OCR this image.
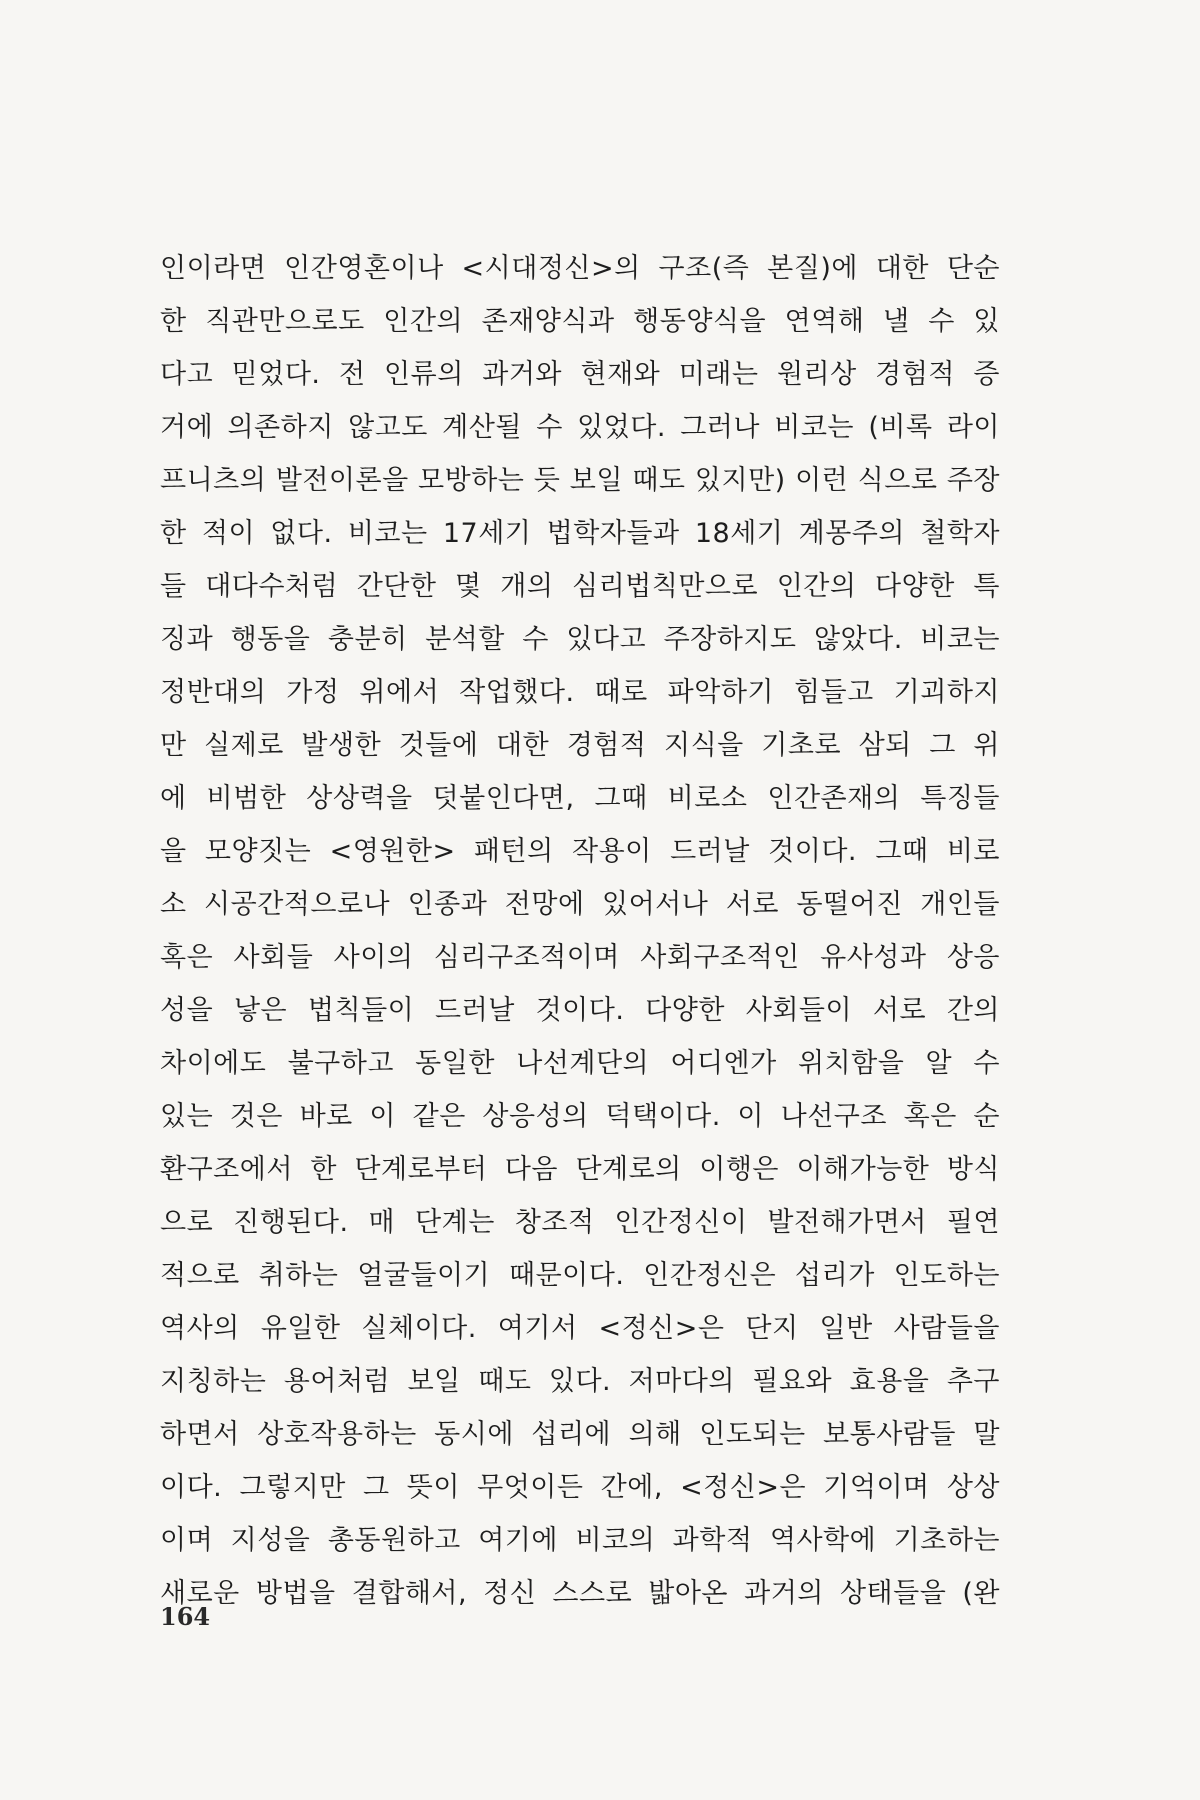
인이라면 인간영혼이나 <시대정신>의 구조(즉 본질)에 대한 단순
한 직관만으로도 인간의 존재양식과 행동양식을 연역해 낼 수 있
다고 믿었다. 전 인류의 과거와 현재와 미래는 원리상 경험적 증
거에 의존하지 않고도 계산될 수 있었다. 그러나 비코는 (비록 라이
프니츠의 발전이론을 모방하는 듯 보일 때도 있지만) 이런 식으로 주장
한 적이 없다. 비코는 17세기 법학자들과 18세기 계몽주의 철학자
들 대다수처럼 간단한 몇 개의 심리법칙만으로 인간의 다양한 특
징과 행동을 충분히 분석할 수 있다고 주장하지도 않았다. 비코는
정반대의 가정 위에서 작업했다. 때로 파악하기 힘들고 기괴하지
만 실제로 발생한 것들에 대한 경험적 지식을 기초로 삼되 그 위
에 비범한 상상력을 덧붙인다면, 그때 비로소 인간존재의 특징들
을 모양짓는 <영원한> 패턴의 작용이 드러날 것이다. 그때 비로
소 시공간적으로나 인종과 전망에 있어서나 서로 동떨어진 개인들
혹은 사회들 사이의 심리구조적이며 사회구조적인 유사성과 상응
성을 낳은 법칙들이 드러날 것이다. 다양한 사회들이 서로 간의
차이에도 불구하고 동일한 나선계단의 어디엔가 위치함을 알 수
있는 것은 바로 이 같은 상응성의 덕택이다. 이 나선구조 혹은 순
환구조에서 한 단계로부터 다음 단계로의 이행은 이해가능한 방식
으로 진행된다. 매 단계는 창조적 인간정신이 발전해가면서 필연
적으로 취하는 얼굴들이기 때문이다. 인간정신은 섭리가 인도하는
역사의 유일한 실체이다. 여기서 <정신>은 단지 일반 사람들을
지칭하는 용어처럼 보일 때도 있다. 저마다의 필요와 효용을 추구
하면서 상호작용하는 동시에 섭리에 의해 인도되는 보통사람들 말
이다. 그렇지만 그 뜻이 무엇이든 간에, <정신>은 기억이며 상상
이며 지성을 총동원하고 여기에 비코의 과학적 역사학에 기초하는
새로운 방법을 결합해서, 정신 스스로 밟아온 과거의 상태들을 (완
164
